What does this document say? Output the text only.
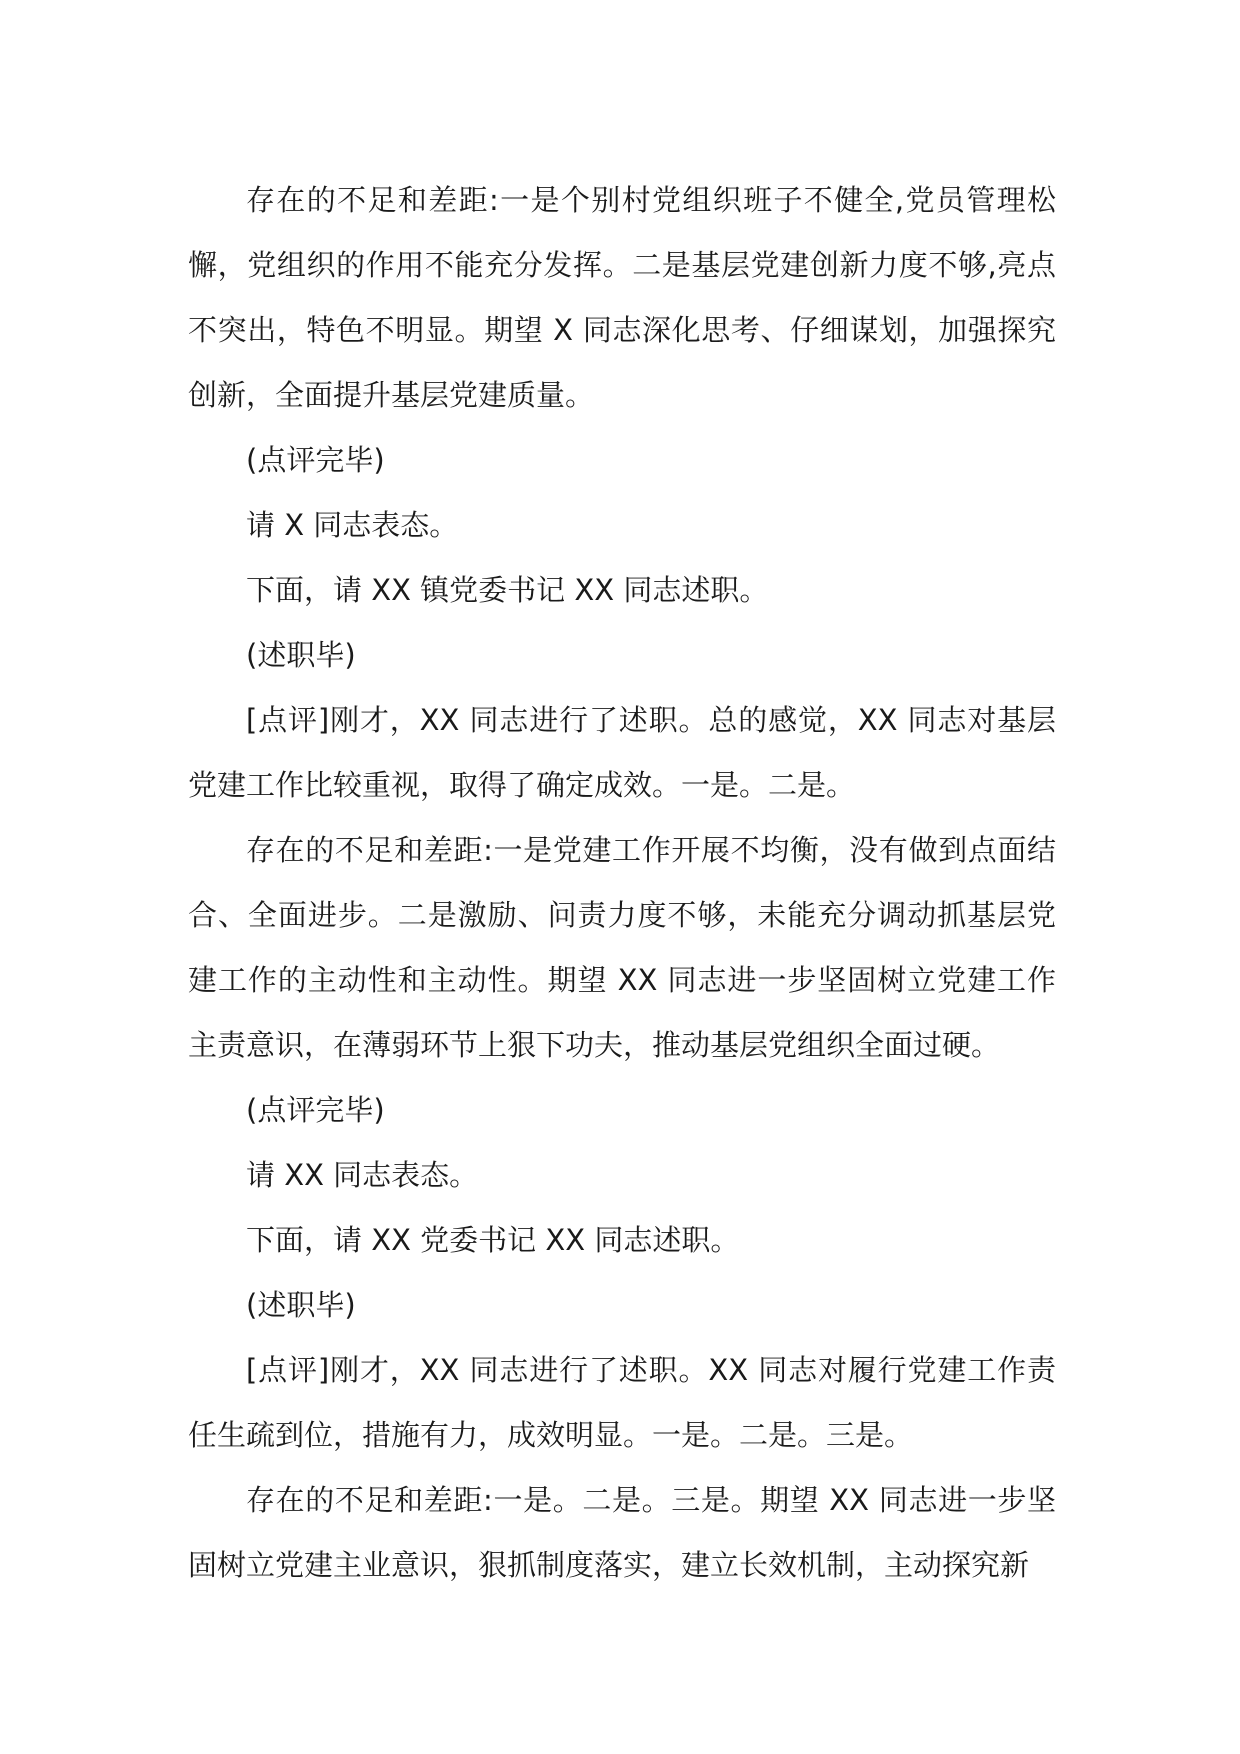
存在的不足和差距:一是个别村党组织班子不健全,党员管理松懈，党组织的作用不能充分发挥。二是基层党建创新力度不够,亮点不突出，特色不明显。期望 X 同志深化思考、仔细谋划，加强探究创新，全面提升基层党建质量。

(点评完毕)

请 X 同志表态。

下面，请 XX 镇党委书记 XX 同志述职。

(述职毕)

[点评]刚才，XX 同志进行了述职。总的感觉，XX 同志对基层党建工作比较重视，取得了确定成效。一是。二是。

存在的不足和差距:一是党建工作开展不均衡，没有做到点面结合、全面进步。二是激励、问责力度不够，未能充分调动抓基层党建工作的主动性和主动性。期望 XX 同志进一步坚固树立党建工作主责意识，在薄弱环节上狠下功夫，推动基层党组织全面过硬。

(点评完毕)

请 XX 同志表态。

下面，请 XX 党委书记 XX 同志述职。

(述职毕)

[点评]刚才，XX 同志进行了述职。XX 同志对履行党建工作责任生疏到位，措施有力，成效明显。一是。二是。三是。

存在的不足和差距:一是。二是。三是。期望 XX 同志进一步坚固树立党建主业意识，狠抓制度落实，建立长效机制，主动探究新
